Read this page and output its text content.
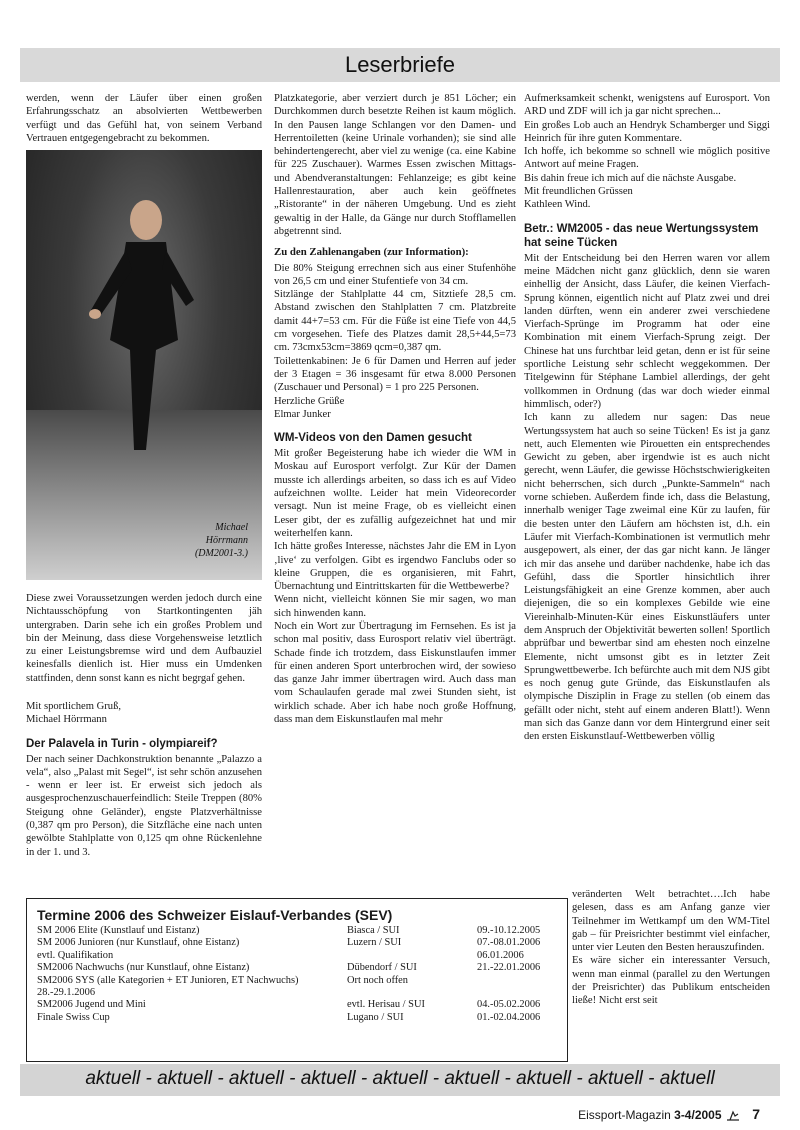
Leserbriefe

werden, wenn der Läufer über einen großen Erfahrungsschatz an absolvierten Wettbewerben verfügt und das Gefühl hat, von seinem Verband Vertrauen entgegengebracht zu bekommen.

Michael
Hörrmann
(DM2001-3.)

Diese zwei Voraussetzungen werden jedoch durch eine Nichtausschöpfung von Startkontingenten jäh untergraben. Darin sehe ich ein großes Problem und bin der Meinung, dass diese Vorgehensweise letztlich zu einer Leistungsbremse wird und dem Aufbauziel keinesfalls dienlich ist. Hier muss ein Umdenken stattfinden, denn sonst kann es nicht begrgaf gehen.

Mit sportlichem Gruß,

Michael Hörrmann

Der Palavela in Turin - olympiareif?

Der nach seiner Dachkonstruktion benannte „Palazzo a vela“, also „Palast mit Segel“, ist sehr schön anzusehen - wenn er leer ist. Er erweist sich jedoch als ausgesprochenzuschauerfeindlich: Steile Treppen (80% Steigung ohne Geländer), engste Platzverhältnisse (0,387 qm pro Person), die Sitzfläche eine nach unten gewölbte Stahlplatte von 0,125 qm ohne Rückenlehne in der 1. und 3.

Platzkategorie, aber verziert durch je 851 Löcher; ein Durchkommen durch besetzte Reihen ist kaum möglich. In den Pausen lange Schlangen vor den Damen- und Herrentoiletten (keine Urinale vorhanden); sie sind alle behindertengerecht, aber viel zu wenige (ca. eine Kabine für 225 Zuschauer). Warmes Essen zwischen Mittags- und Abendveranstaltungen: Fehlanzeige; es gibt keine Hallenrestauration, aber auch kein geöffnetes „Ristorante“ in der näheren Umgebung. Und es zieht gewaltig in der Halle, da Gänge nur durch Stofflamellen abgetrennt sind.

Zu den Zahlenangaben (zur Information):

Die 80% Steigung errechnen sich aus einer Stufenhöhe von 26,5 cm und einer Stufentiefe von 34 cm.

Sitzlänge der Stahlplatte 44 cm, Sitztiefe 28,5 cm. Abstand zwischen den Stahlplatten 7 cm. Platzbreite damit 44+7=53 cm. Für die Füße ist eine Tiefe von 44,5 cm vorgesehen. Tiefe des Platzes damit 28,5+44,5=73 cm. 73cmx53cm=3869 qcm=0,387 qm.

Toilettenkabinen: Je 6 für Damen und Herren auf jeder der 3 Etagen = 36 insgesamt für etwa 8.000 Personen (Zuschauer und Personal) = 1 pro 225 Personen.

Herzliche Grüße

Elmar Junker

WM-Videos von den Damen gesucht

Mit großer Begeisterung habe ich wieder die WM in Moskau auf Eurosport verfolgt. Zur Kür der Damen musste ich allerdings arbeiten, so dass ich es auf Video aufzeichnen wollte. Leider hat mein Videorecorder versagt. Nun ist meine Frage, ob es vielleicht einen Leser gibt, der es zufällig aufgezeichnet hat und mir weiterhelfen kann.

Ich hätte großes Interesse, nächstes Jahr die EM in Lyon ‚live‘ zu verfolgen. Gibt es irgendwo Fanclubs oder so kleine Gruppen, die es organisieren, mit Fahrt, Übernachtung und Eintrittskarten für die Wettbewerbe?

Wenn nicht, vielleicht können Sie mir sagen, wo man sich hinwenden kann.

Noch ein Wort zur Übertragung im Fernsehen. Es ist ja schon mal positiv, dass Eurosport relativ viel überträgt. Schade finde ich trotzdem, dass Eiskunstlaufen immer für einen anderen Sport unterbrochen wird, der sowieso das ganze Jahr immer übertragen wird. Auch dass man vom Schaulaufen gerade mal zwei Stunden sieht, ist wirklich schade. Aber ich habe noch große Hoffnung, dass man dem Eiskunstlaufen mal mehr

Aufmerksamkeit schenkt, wenigstens auf Eurosport. Von ARD und ZDF will ich ja gar nicht sprechen...

Ein großes Lob auch an Hendryk Schamberger und Siggi Heinrich für ihre guten Kommentare.

Ich hoffe, ich bekomme so schnell wie möglich positive Antwort auf meine Fragen.

Bis dahin freue ich mich auf die nächste Ausgabe.

Mit freundlichen Grüssen

Kathleen Wind.

Betr.: WM2005 - das neue Wertungssystem hat seine Tücken

Mit der Entscheidung bei den Herren waren vor allem meine Mädchen nicht ganz glücklich, denn sie waren einhellig der Ansicht, dass Läufer, die keinen Vierfach-Sprung können, eigentlich nicht auf Platz zwei und drei landen dürften, wenn ein anderer zwei verschiedene Vierfach-Sprünge im Programm hat oder eine Kombination mit einem Vierfach-Sprung zeigt. Der Chinese hat uns furchtbar leid getan, denn er ist für seine sportliche Leistung sehr schlecht weggekommen. Der Titelgewinn für Stéphane Lambiel allerdings, der geht vollkommen in Ordnung (das war doch wieder einmal himmlisch, oder?)

Ich kann zu alledem nur sagen: Das neue Wertungssystem hat auch so seine Tücken! Es ist ja ganz nett, auch Elementen wie Pirouetten ein entsprechendes Gewicht zu geben, aber irgendwie ist es auch nicht gerecht, wenn Läufer, die gewisse Höchstschwierigkeiten nicht beherrschen, sich durch „Punkte-Sammeln“ nach vorne schieben. Außerdem finde ich, dass die Belastung, innerhalb weniger Tage zweimal eine Kür zu laufen, für die besten unter den Läufern am höchsten ist, d.h. ein Läufer mit Vierfach-Kombinationen ist vermutlich mehr ausgepowert, als einer, der das gar nicht kann. Je länger ich mir das ansehe und darüber nachdenke, habe ich das Gefühl, dass die Sportler hinsichtlich ihrer Leistungsfähigkeit an eine Grenze kommen, aber auch diejenigen, die so ein komplexes Gebilde wie eine Viereinhalb-Minuten-Kür eines Eiskunstläufers unter dem Anspruch der Objektivität bewerten sollen! Sportlich abprüfbar und bewertbar sind am ehesten noch einzelne Elemente, nicht umsonst gibt es in letzter Zeit Sprungwettbewerbe. Ich befürchte auch mit dem NJS gibt es noch genug gute Gründe, das Eiskunstlaufen als olympische Disziplin in Frage zu stellen (ob einem das gefällt oder nicht, steht auf einem anderen Blatt!). Wenn man sich das Ganze dann vor dem Hintergrund einer seit den ersten Eiskunstlauf-Wettbewerben völlig

veränderten Welt betrachtet….Ich habe gelesen, dass es am Anfang ganze vier Teilnehmer im Wettkampf um den WM-Titel gab – für Preisrichter bestimmt viel einfacher, unter vier Leuten den Besten herauszufinden.

Es wäre sicher ein interessanter Versuch, wenn man einmal (parallel zu den Wertungen der Preisrichter) das Publikum entscheiden ließe! Nicht erst seit

Termine 2006 des Schweizer Eislauf-Verbandes (SEV)
SM 2006 Elite (Kunstlauf und Eistanz)	Biasca / SUI	09.-10.12.2005
SM 2006 Junioren (nur Kunstlauf, ohne Eistanz)	Luzern / SUI	07.-08.01.2006
evtl. Qualifikation		06.01.2006
SM2006 Nachwuchs (nur Kunstlauf, ohne Eistanz)	Dübendorf / SUI	21.-22.01.2006
SM2006 SYS (alle Kategorien + ET Junioren, ET Nachwuchs)	Ort noch offen	
28.-29.1.2006		
SM2006 Jugend und Mini	evtl. Herisau / SUI	04.-05.02.2006
Finale Swiss Cup	Lugano / SUI	01.-02.04.2006
aktuell - aktuell - aktuell - aktuell - aktuell - aktuell - aktuell - aktuell - aktuell
Eissport-Magazin 3-4/2005 7
